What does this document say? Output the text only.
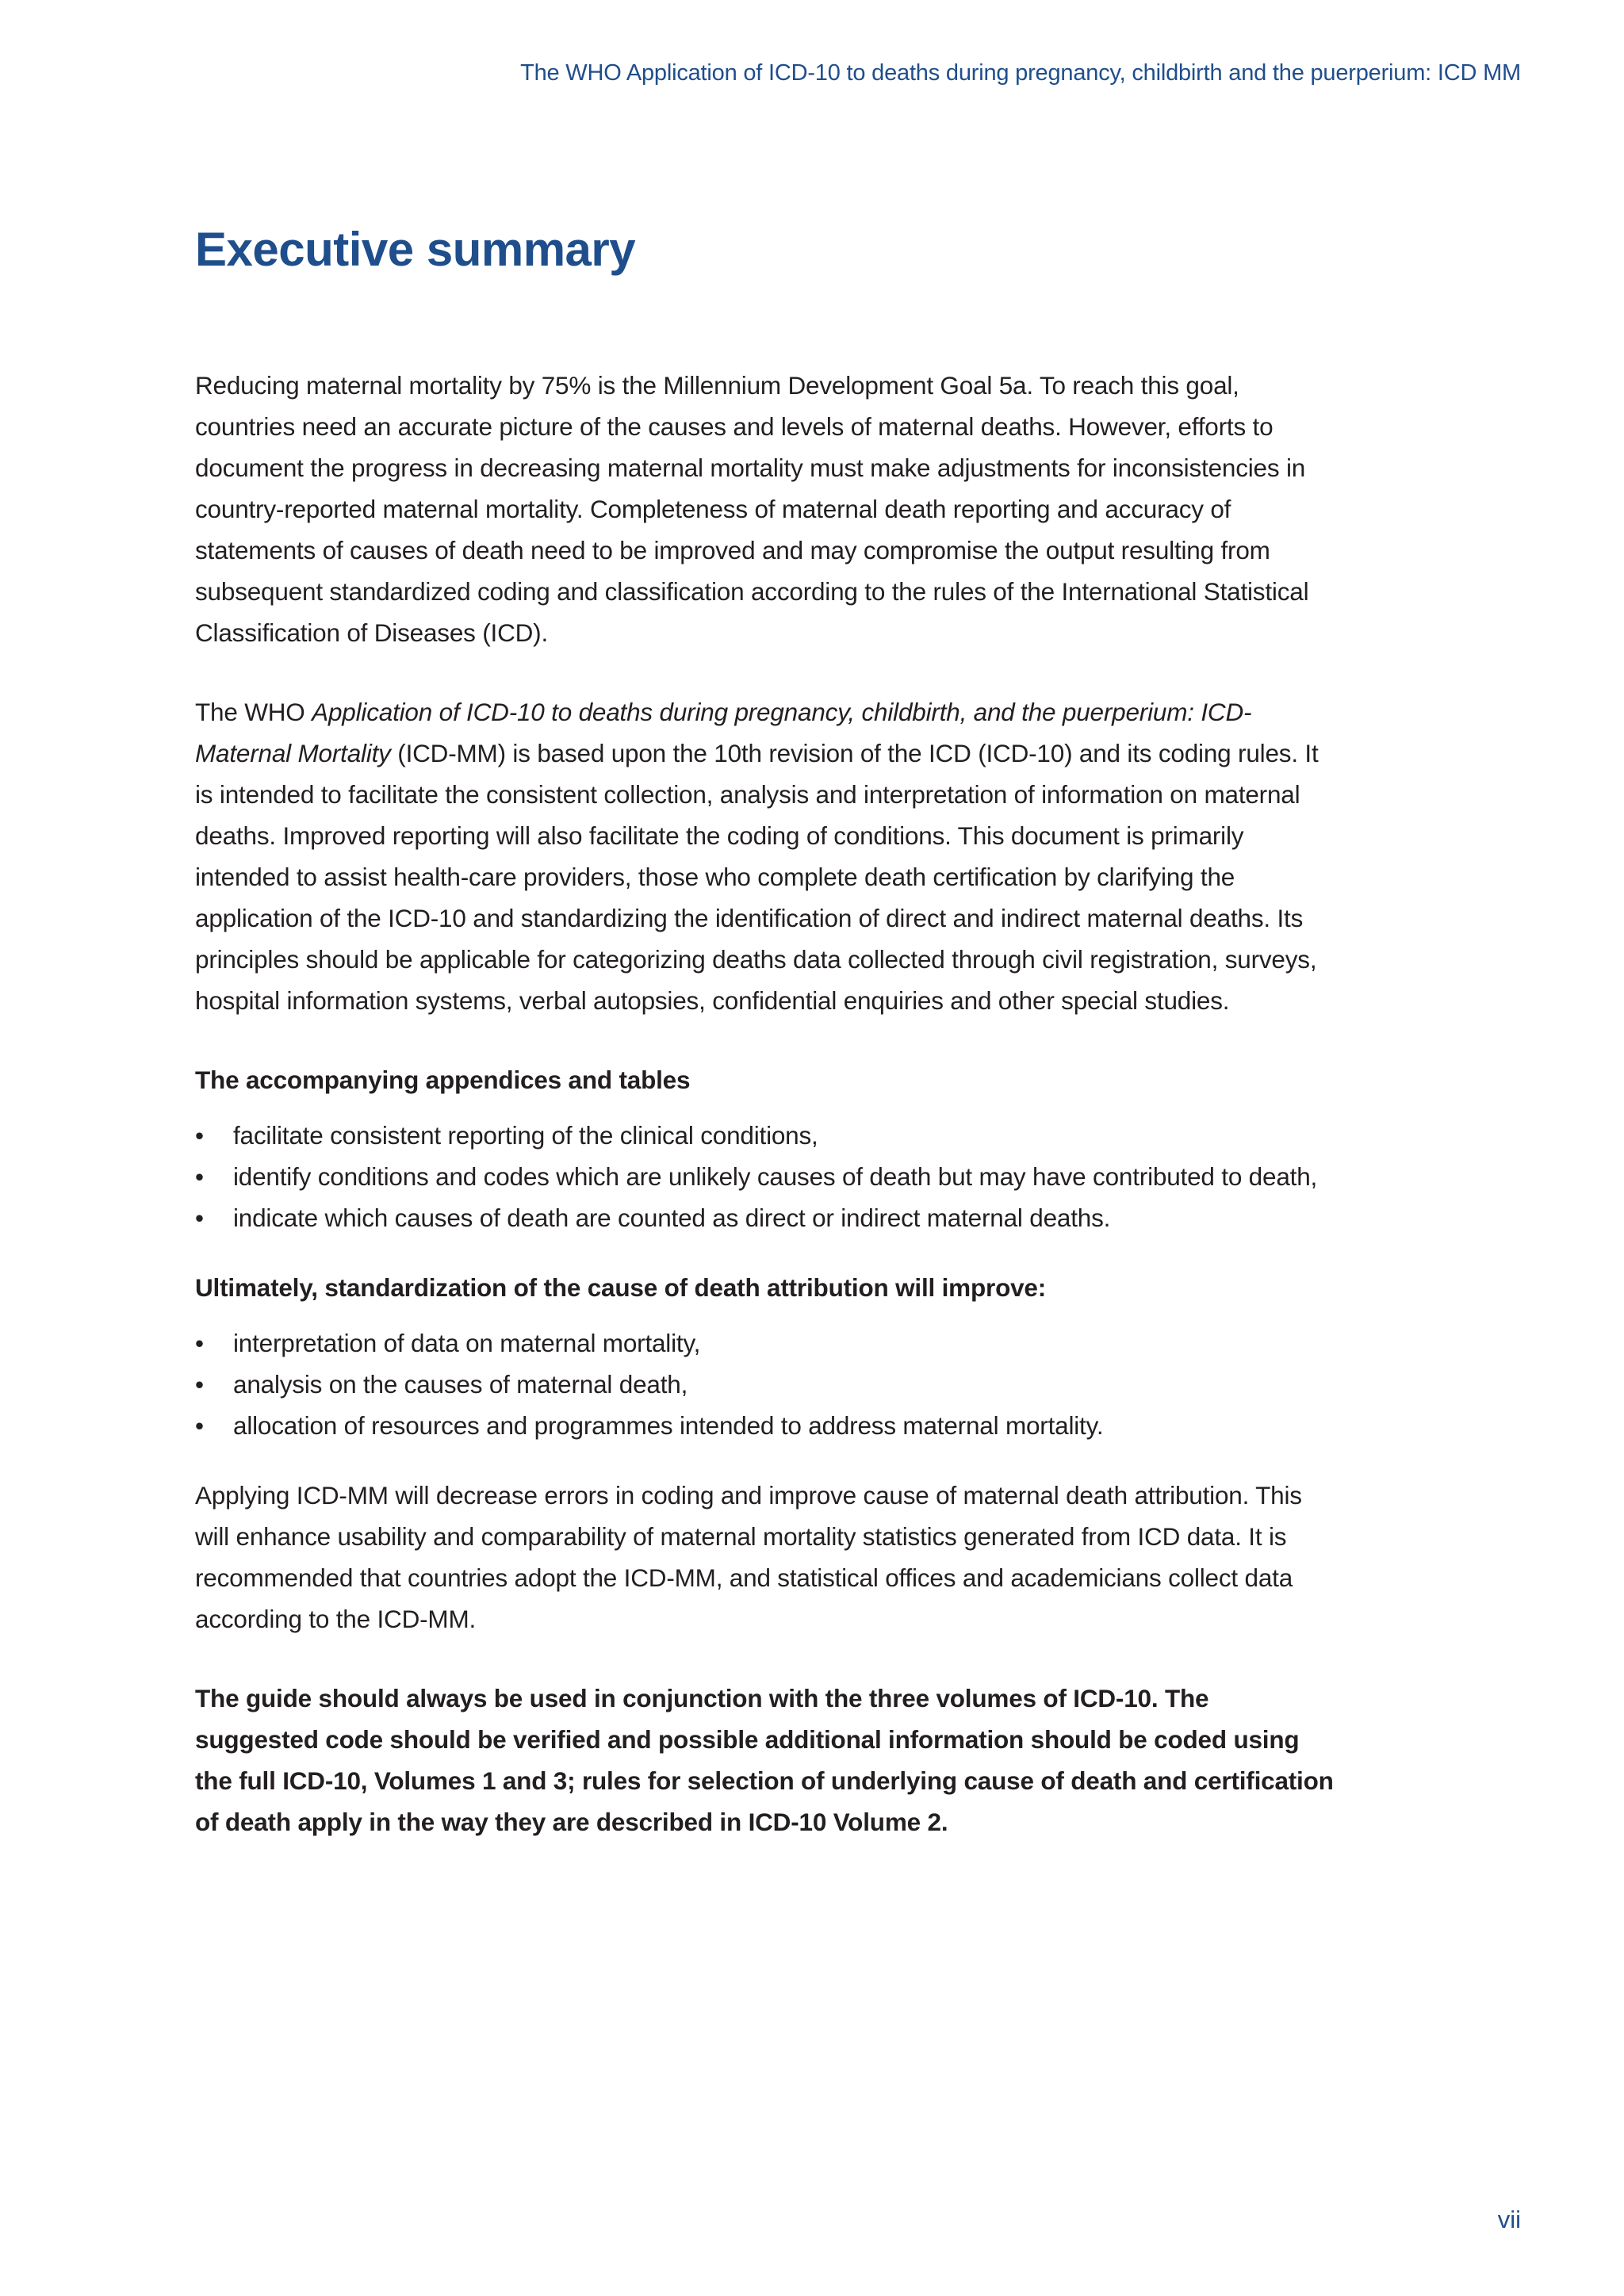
The WHO Application of ICD-10 to deaths during pregnancy, childbirth and the puerperium: ICD MM
Executive summary

Reducing maternal mortality by 75% is the Millennium Development Goal 5a. To reach this goal, countries need an accurate picture of the causes and levels of maternal deaths. However, efforts to document the progress in decreasing maternal mortality must make adjustments for inconsistencies in country-reported maternal mortality. Completeness of maternal death reporting and accuracy of statements of causes of death need to be improved and may compromise the output resulting from subsequent standardized coding and classification according to the rules of the International Statistical Classification of Diseases (ICD).

The WHO Application of ICD-10 to deaths during pregnancy, childbirth, and the puerperium: ICD-Maternal Mortality (ICD-MM) is based upon the 10th revision of the ICD (ICD-10) and its coding rules. It is intended to facilitate the consistent collection, analysis and interpretation of information on maternal deaths. Improved reporting will also facilitate the coding of conditions. This document is primarily intended to assist health-care providers, those who complete death certification by clarifying the application of the ICD-10 and standardizing the identification of direct and indirect maternal deaths. Its principles should be applicable for categorizing deaths data collected through civil registration, surveys, hospital information systems, verbal autopsies, confidential enquiries and other special studies.

The accompanying appendices and tables

• facilitate consistent reporting of the clinical conditions,
• identify conditions and codes which are unlikely causes of death but may have contributed to death,
• indicate which causes of death are counted as direct or indirect maternal deaths.

Ultimately, standardization of the cause of death attribution will improve:

• interpretation of data on maternal mortality,
• analysis on the causes of maternal death,
• allocation of resources and programmes intended to address maternal mortality.

Applying ICD-MM will decrease errors in coding and improve cause of maternal death attribution. This will enhance usability and comparability of maternal mortality statistics generated from ICD data. It is recommended that countries adopt the ICD-MM, and statistical offices and academicians collect data according to the ICD-MM.

The guide should always be used in conjunction with the three volumes of ICD-10. The suggested code should be verified and possible additional information should be coded using the full ICD-10, Volumes 1 and 3; rules for selection of underlying cause of death and certification of death apply in the way they are described in ICD-10 Volume 2.

vii
